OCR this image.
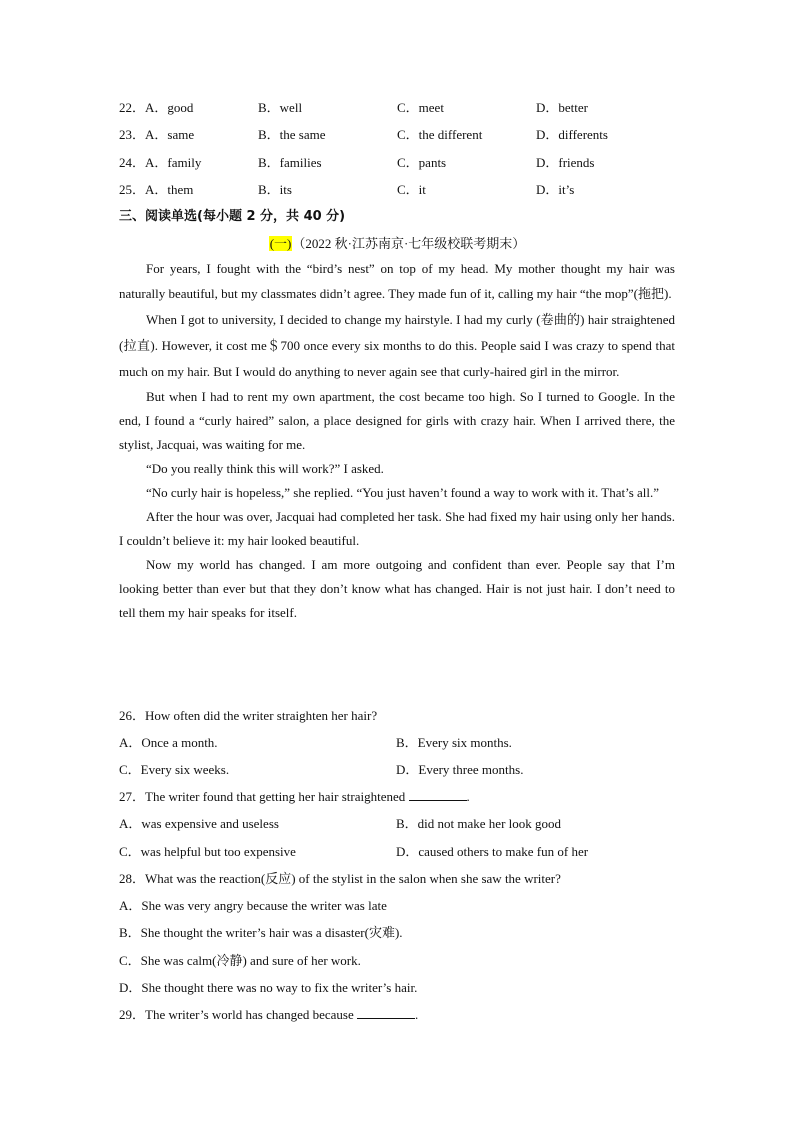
22．A．good	B．well	C．meet	D．better
23．A．same	B．the same	C．the different	D．differents
24．A．family	B．families	C．pants	D．friends
25．A．them	B．its	C．it	D．it’s
三、阅读单选(每小题 2 分，共 40 分)
(一)（2022 秋·江苏南京·七年级校联考期末）

For years, I fought with the “bird’s nest” on top of my head. My mother thought my hair was naturally beautiful, but my classmates didn’t agree. They made fun of it, calling my hair “the mop”(拖把).

When I got to university, I decided to change my hairstyle. I had my curly (卷曲的) hair straightened (拉直). However, it cost me＄700 once every six months to do this. People said I was crazy to spend that much on my hair. But I would do anything to never again see that curly-haired girl in the mirror.

But when I had to rent my own apartment, the cost became too high. So I turned to Google. In the end, I found a “curly haired” salon, a place designed for girls with crazy hair. When I arrived there, the stylist, Jacquai, was waiting for me.

“Do you really think this will work?” I asked.

“No curly hair is hopeless,” she replied. “You just haven’t found a way to work with it. That’s all.”

After the hour was over, Jacquai had completed her task. She had fixed my hair using only her hands. I couldn’t believe it: my hair looked beautiful.

Now my world has changed. I am more outgoing and confident than ever. People say that I’m looking better than ever but that they don’t know what has changed. Hair is not just hair. I don’t need to tell them my hair speaks for itself.

26．How often did the writer straighten her hair?
A．Once a month.	B．Every six months.
C．Every six weeks.	D．Every three months.
27．The writer found that getting her hair straightened	.
A．was expensive and useless	B．did not make her look good
C．was helpful but too expensive	D．caused others to make fun of her
28．What was the reaction(反应) of the stylist in the salon when she saw the writer?
A．She was very angry because the writer was late
B．She thought the writer’s hair was a disaster(灾难).
C．She was calm(冷静) and sure of her work.
D．She thought there was no way to fix the writer’s hair.
29．The writer’s world has changed because	.
